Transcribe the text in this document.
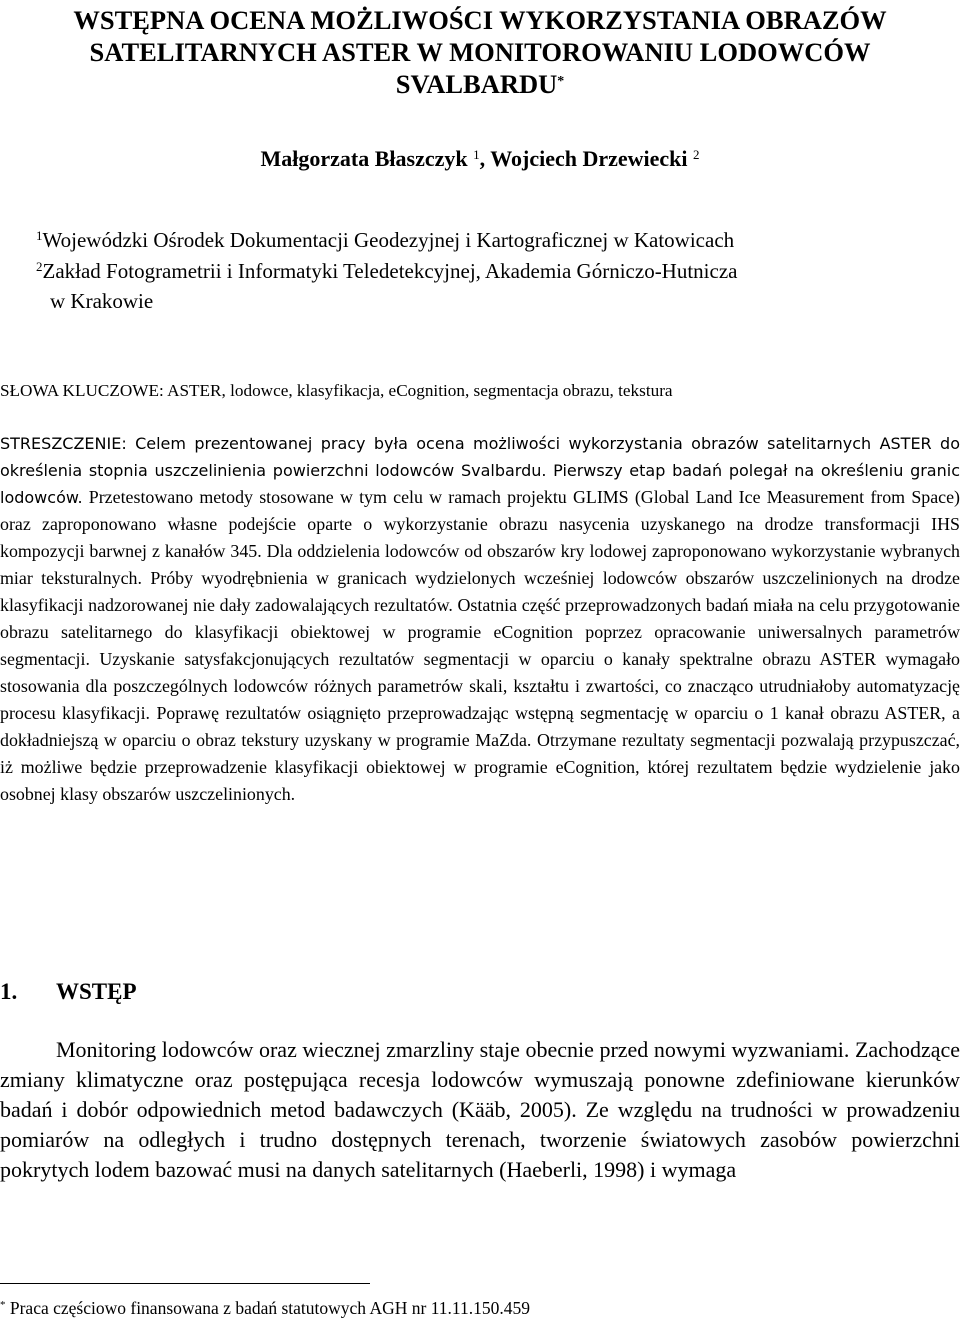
WSTĘPNA OCENA MOŻLIWOŚCI WYKORZYSTANIA OBRAZÓW
SATELITARNYCH ASTER W MONITOROWANIU LODOWCÓW
SVALBARDU*
Małgorzata Błaszczyk $^1$, Wojciech Drzewiecki $^2$
$^1$Wojewódzki Ośrodek Dokumentacji Geodezyjnej i Kartograficznej w Katowicach
$^2$Zakład Fotogrametrii i Informatyki Teledetekcyjnej, Akademia Górniczo-Hutnicza
w Krakowie
SŁOWA KLUCZOWE: ASTER, lodowce, klasyfikacja, eCognition, segmentacja obrazu, tekstura
STRESZCZENIE: Celem prezentowanej pracy była ocena możliwości wykorzystania obrazów satelitarnych ASTER do określenia stopnia uszczelinienia powierzchni lodowców Svalbardu. Pierwszy etap badań polegał na określeniu granic lodowców. Przetestowano metody stosowane w tym celu w ramach projektu GLIMS (Global Land Ice Measurement from Space) oraz zaproponowano własne podejście oparte o wykorzystanie obrazu nasycenia uzyskanego na drodze transformacji IHS kompozycji barwnej z kanałów 345. Dla oddzielenia lodowców od obszarów kry lodowej zaproponowano wykorzystanie wybranych miar teksturalnych. Próby wyodrębnienia w granicach wydzielonych wcześniej lodowców obszarów uszczelinionych na drodze klasyfikacji nadzorowanej nie dały zadowalających rezultatów. Ostatnia część przeprowadzonych badań miała na celu przygotowanie obrazu satelitarnego do klasyfikacji obiektowej w programie eCognition poprzez opracowanie uniwersalnych parametrów segmentacji. Uzyskanie satysfakcjonujących rezultatów segmentacji w oparciu o kanały spektralne obrazu ASTER wymagało stosowania dla poszczególnych lodowców różnych parametrów skali, kształtu i zwartości, co znacząco utrudniałoby automatyzację procesu klasyfikacji. Poprawę rezultatów osiągnięto przeprowadzając wstępną segmentację w oparciu o 1 kanał obrazu ASTER, a dokładniejszą w oparciu o obraz tekstury uzyskany w programie MaZda. Otrzymane rezultaty segmentacji pozwalają przypuszczać, iż możliwe będzie przeprowadzenie klasyfikacji obiektowej w programie eCognition, której rezultatem będzie wydzielenie jako osobnej klasy obszarów uszczelinionych.
1. WSTĘP
Monitoring lodowców oraz wiecznej zmarzliny staje obecnie przed nowymi wyzwaniami. Zachodzące zmiany klimatyczne oraz postępująca recesja lodowców wymuszają ponowne zdefiniowane kierunków badań i dobór odpowiednich metod badawczych (Kääb, 2005). Ze względu na trudności w prowadzeniu pomiarów na odległych i trudno dostępnych terenach, tworzenie światowych zasobów powierzchni pokrytych lodem bazować musi na danych satelitarnych (Haeberli, 1998) i wymaga
* Praca częściowo finansowana z badań statutowych AGH nr 11.11.150.459
